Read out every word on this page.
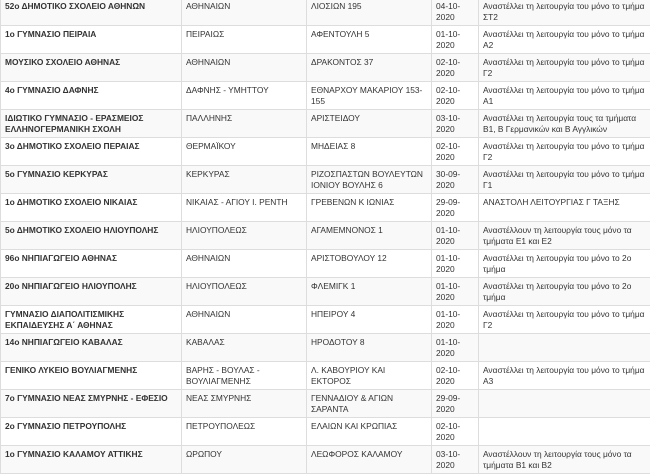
52ο ΔΗΜΟΤΙΚΟ ΣΧΟΛΕΙΟ ΑΘΗΝΩΝ	ΑΘΗΝΑΙΩΝ	ΛΙΟΣΙΩΝ 195	04-10-2020	Αναστέλλει τη λειτουργία του μόνο το τμήμα ΣΤ2
1ο ΓΥΜΝΑΣΙΟ ΠΕΙΡΑΙΑ	ΠΕΙΡΑΙΩΣ	ΑΦΕΝΤΟΥΛΗ 5	01-10-2020	Αναστέλλει τη λειτουργία του μόνο το τμήμα Α2
ΜΟΥΣΙΚΟ ΣΧΟΛΕΙΟ ΑΘΗΝΑΣ	ΑΘΗΝΑΙΩΝ	ΔΡΑΚΟΝΤΟΣ 37	02-10-2020	Αναστέλλει τη λειτουργία του μόνο το τμήμα Γ2
4ο ΓΥΜΝΑΣΙΟ ΔΑΦΝΗΣ	ΔΑΦΝΗΣ - ΥΜΗΤΤΟΥ	ΕΘΝΑΡΧΟΥ ΜΑΚΑΡΙΟΥ 153-155	02-10-2020	Αναστέλλει τη λειτουργία του μόνο το τμήμα Α1
ΙΔΙΩΤΙΚΟ ΓΥΜΝΑΣΙΟ - ΕΡΑΣΜΕΙΟΣ ΕΛΛΗΝΟΓΕΡΜΑΝΙΚΗ ΣΧΟΛΗ	ΠΑΛΛΗΝΗΣ	ΑΡΙΣΤΕΙΔΟΥ	03-10-2020	Αναστέλλει τη λειτουργία τους τα τμήματα Β1, Β Γερμανικών και Β Αγγλικών
3ο ΔΗΜΟΤΙΚΟ ΣΧΟΛΕΙΟ ΠΕΡΑΙΑΣ	ΘΕΡΜΑΪΚΟΥ	ΜΗΔΕΙΑΣ 8	02-10-2020	Αναστέλλει τη λειτουργία του μόνο το τμήμα Γ2
5ο ΓΥΜΝΑΣΙΟ ΚΕΡΚΥΡΑΣ	ΚΕΡΚΥΡΑΣ	ΡΙΖΟΣΠΑΣΤΩΝ ΒΟΥΛΕΥΤΩΝ ΙΟΝΙΟΥ ΒΟΥΛΗΣ 6	30-09-2020	Αναστέλλει τη λειτουργία του μόνο το τμήμα Γ1
1ο ΔΗΜΟΤΙΚΟ ΣΧΟΛΕΙΟ ΝΙΚΑΙΑΣ	ΝΙΚΑΙΑΣ - ΑΓΙΟΥ Ι. ΡΕΝΤΗ	ΓΡΕΒΕΝΩΝ Κ ΙΩΝΙΑΣ	29-09-2020	ΑΝΑΣΤΟΛΗ ΛΕΙΤΟΥΡΓΙΑΣ Γ ΤΑΞΗΣ
5ο ΔΗΜΟΤΙΚΟ ΣΧΟΛΕΙΟ ΗΛΙΟΥΠΟΛΗΣ	ΗΛΙΟΥΠΟΛΕΩΣ	ΑΓΑΜΕΜΝΟΝΟΣ 1	01-10-2020	Αναστέλλουν τη λειτουργία τους μόνο τα τμήματα Ε1 και Ε2
96ο ΝΗΠΙΑΓΩΓΕΙΟ ΑΘΗΝΑΣ	ΑΘΗΝΑΙΩΝ	ΑΡΙΣΤΟΒΟΥΛΟΥ 12	01-10-2020	Αναστέλλει τη λειτουργία του μόνο το 2ο τμήμα
20ο ΝΗΠΙΑΓΩΓΕΙΟ ΗΛΙΟΥΠΟΛΗΣ	ΗΛΙΟΥΠΟΛΕΩΣ	ΦΛΕΜΙΓΚ 1	01-10-2020	Αναστέλλει τη λειτουργία του μόνο το 2ο τμήμα
ΓΥΜΝΑΣΙΟ ΔΙΑΠΟΛΙΤΙΣΜΙΚΗΣ ΕΚΠΑΙΔΕΥΣΗΣ Α΄ ΑΘΗΝΑΣ	ΑΘΗΝΑΙΩΝ	ΗΠΕΙΡΟΥ 4	01-10-2020	Αναστέλλει τη λειτουργία του μόνο το τμήμα Γ2
14ο ΝΗΠΙΑΓΩΓΕΙΟ ΚΑΒΑΛΑΣ	ΚΑΒΑΛΑΣ	ΗΡΟΔΟΤΟΥ 8	01-10-2020	
ΓΕΝΙΚΟ ΛΥΚΕΙΟ ΒΟΥΛΙΑΓΜΕΝΗΣ	ΒΑΡΗΣ - ΒΟΥΛΑΣ - ΒΟΥΛΙΑΓΜΕΝΗΣ	Λ. ΚΑΒΟΥΡΙΟΥ ΚΑΙ ΕΚΤΟΡΟΣ	02-10-2020	Αναστέλλει τη λειτουργία του μόνο το τμήμα Α3
7ο ΓΥΜΝΑΣΙΟ ΝΕΑΣ ΣΜΥΡΝΗΣ - ΕΦΕΣΙΟ	ΝΕΑΣ ΣΜΥΡΝΗΣ	ΓΕΝΝΑΔΙΟΥ & ΑΓΙΩΝ ΣΑΡΑΝΤΑ	29-09-2020	
2ο ΓΥΜΝΑΣΙΟ ΠΕΤΡΟΥΠΟΛΗΣ	ΠΕΤΡΟΥΠΟΛΕΩΣ	ΕΛΑΙΩΝ ΚΑΙ ΚΡΩΠΙΑΣ	02-10-2020	
1ο ΓΥΜΝΑΣΙΟ ΚΑΛΑΜΟΥ ΑΤΤΙΚΗΣ	ΩΡΩΠΟΥ	ΛΕΩΦΟΡΟΣ ΚΑΛΑΜΟΥ	03-10-2020	Αναστέλλουν τη λειτουργία τους μόνο τα τμήματα Β1 και Β2
